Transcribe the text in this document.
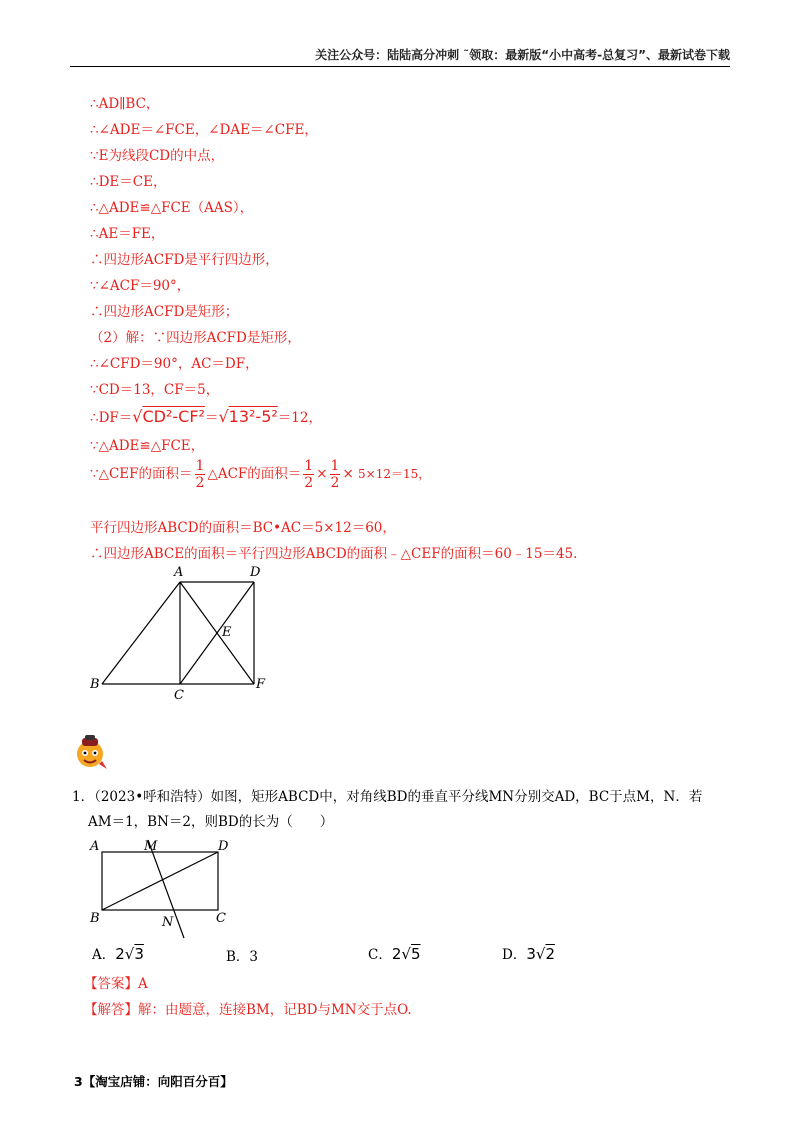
关注公众号：陆陆高分冲刺 ˜领取：最新版“小中高考-总复习”、最新试卷下载
∴AD∥BC，
∴∠ADE＝∠FCE，∠DAE＝∠CFE，
∵E为线段CD的中点，
∴DE＝CE，
∴△ADE≌△FCE（AAS），
∴AE＝FE，
∴四边形ACFD是平行四边形，
∵∠ACF＝90°，
∴四边形ACFD是矩形；
（2）解：∵四边形ACFD是矩形，
∴∠CFD＝90°，AC＝DF，
∵CD＝13，CF＝5，
∴DF＝√CD²-CF²＝√13²-5²＝12，
∵△ADE≌△FCE，
∵△CEF的面积＝ $\frac{1}{2}$ △ACF的面积＝ $\frac{1}{2} \times \frac{1}{2} \times 5\times 12=15$，
平行四边形ABCD的面积＝BC•AC＝5×12＝60，
∴四边形ABCE的面积＝平行四边形ABCD的面积﹣△CEF的面积＝60﹣15＝45.
A	D
E
B
C
F
1．（2023•呼和浩特）如图，矩形ABCD中，对角线BD的垂直平分线MN分别交AD，BC于点M，N．若
AM＝1，BN＝2，则BD的长为（　　）
A	M	D
B	N	C
A．2√3	B．3	C．2√5	D．3√2
【答案】A
【解答】解：由题意，连接BM，记BD与MN交于点O.
3【淘宝店铺：向阳百分百】
